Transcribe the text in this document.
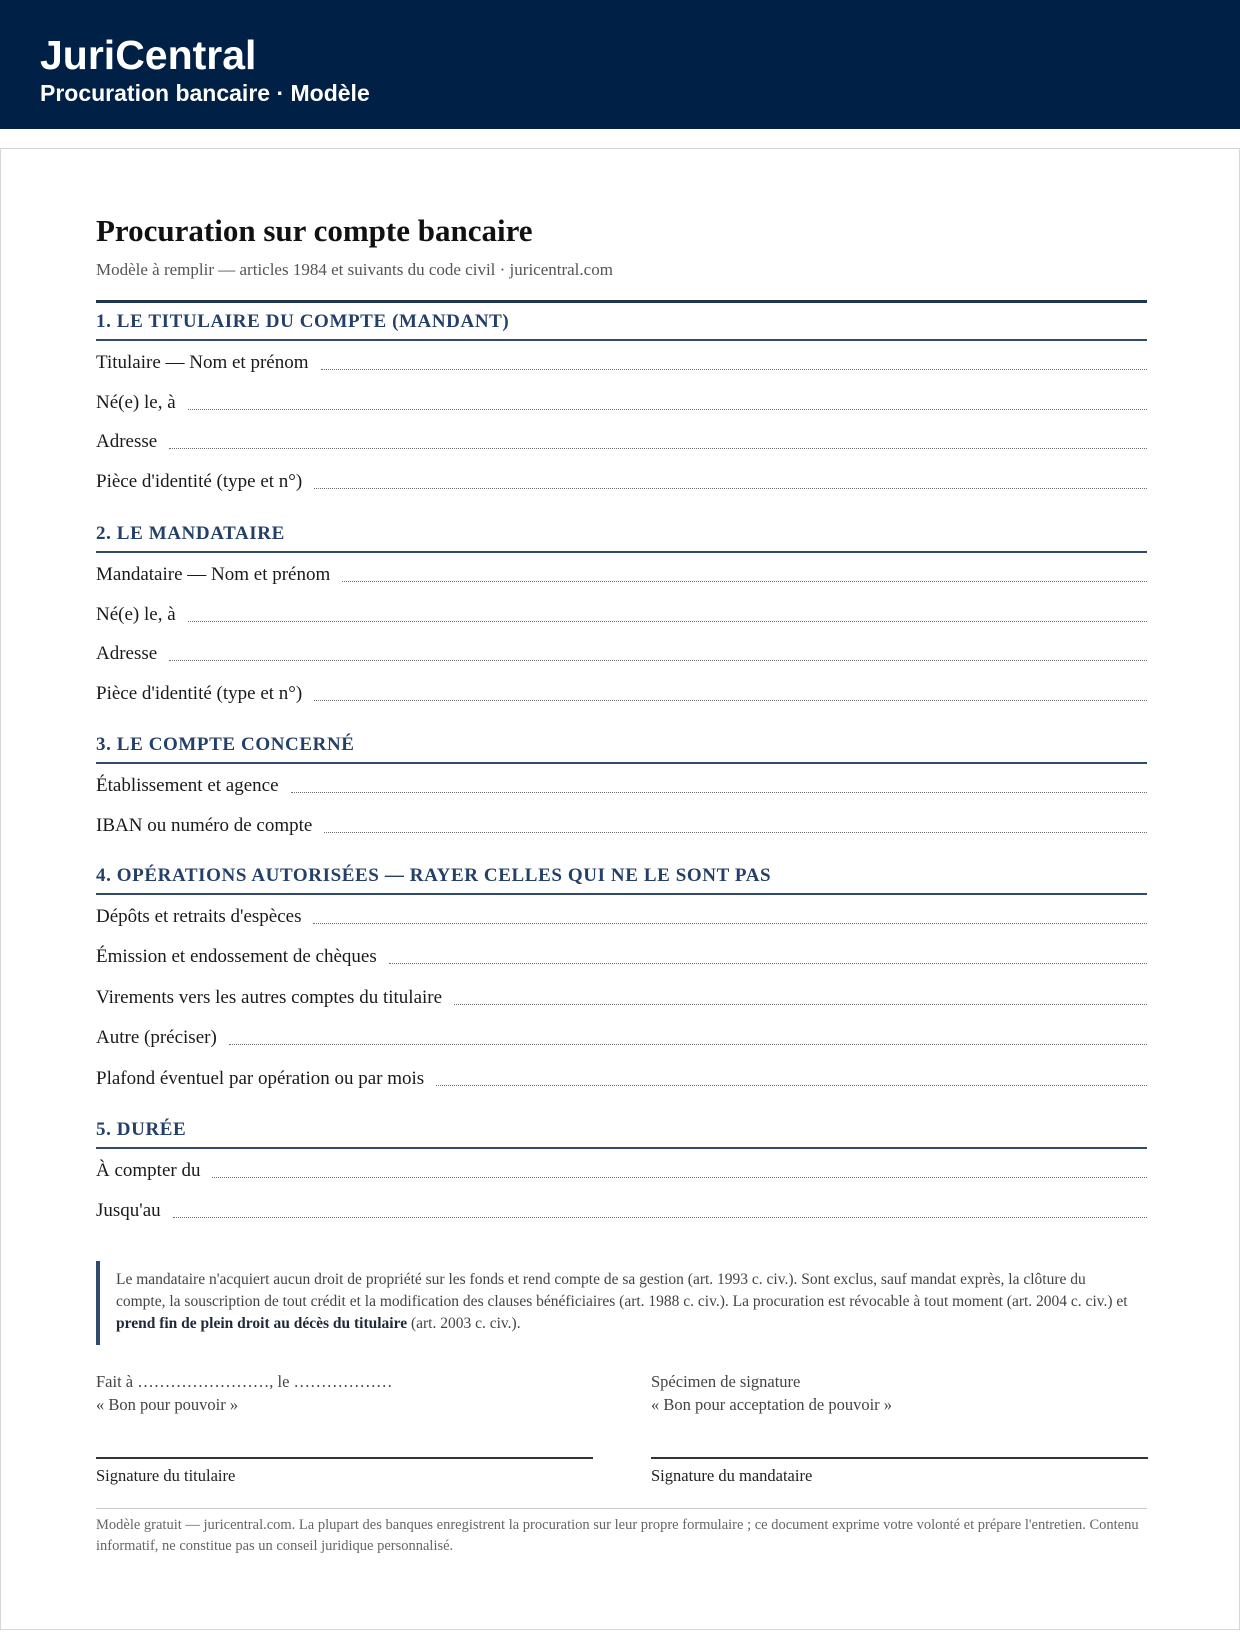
JuriCentral
Procuration bancaire · Modèle
Procuration sur compte bancaire
Modèle à remplir — articles 1984 et suivants du code civil · juricentral.com
1. LE TITULAIRE DU COMPTE (MANDANT)
Titulaire — Nom et prénom
Né(e) le, à
Adresse
Pièce d'identité (type et n°)
2. LE MANDATAIRE
Mandataire — Nom et prénom
Né(e) le, à
Adresse
Pièce d'identité (type et n°)
3. LE COMPTE CONCERNÉ
Établissement et agence
IBAN ou numéro de compte
4. OPÉRATIONS AUTORISÉES — RAYER CELLES QUI NE LE SONT PAS
Dépôts et retraits d'espèces
Émission et endossement de chèques
Virements vers les autres comptes du titulaire
Autre (préciser)
Plafond éventuel par opération ou par mois
5. DURÉE
À compter du
Jusqu'au
Le mandataire n'acquiert aucun droit de propriété sur les fonds et rend compte de sa gestion (art. 1993 c. civ.). Sont exclus, sauf mandat exprès, la clôture du compte, la souscription de tout crédit et la modification des clauses bénéficiaires (art. 1988 c. civ.). La procuration est révocable à tout moment (art. 2004 c. civ.) et prend fin de plein droit au décès du titulaire (art. 2003 c. civ.).
Fait à ……………………, le ………………
« Bon pour pouvoir »
Signature du titulaire
Spécimen de signature
« Bon pour acceptation de pouvoir »
Signature du mandataire
Modèle gratuit — juricentral.com. La plupart des banques enregistrent la procuration sur leur propre formulaire ; ce document exprime votre volonté et prépare l'entretien. Contenu informatif, ne constitue pas un conseil juridique personnalisé.
